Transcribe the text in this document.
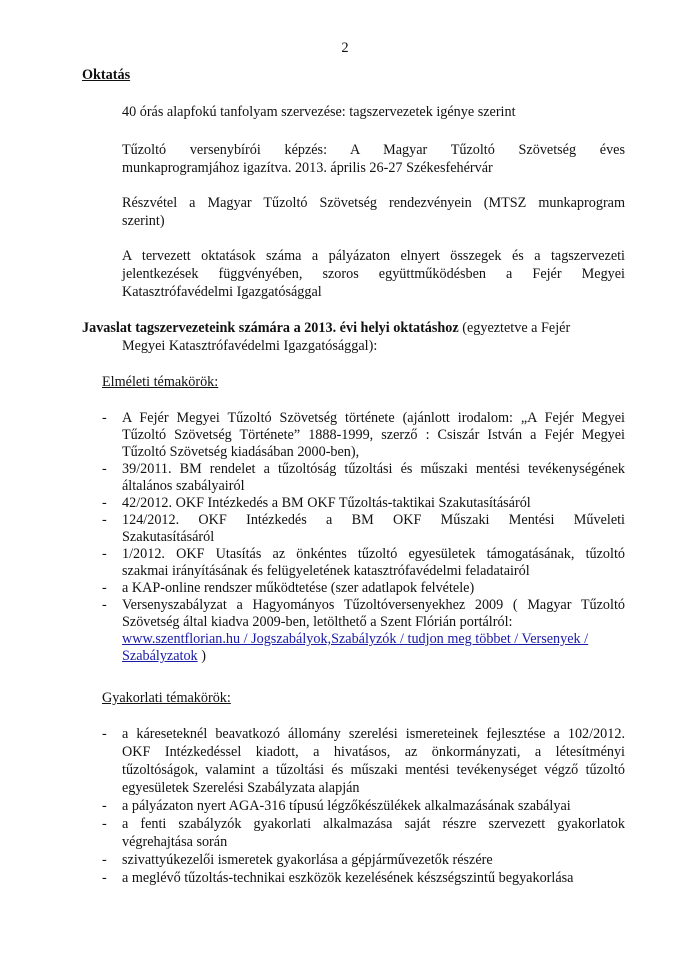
2
Oktatás
40 órás alapfokú tanfolyam szervezése: tagszervezetek igénye szerint
Tűzoltó versenybírói képzés: A Magyar Tűzoltó Szövetség éves
munkaprogramjához igazítva. 2013. április 26-27 Székesfehérvár
Részvétel a Magyar Tűzoltó Szövetség rendezvényein (MTSZ munkaprogram
szerint)
A tervezett oktatások száma a pályázaton elnyert összegek és a tagszervezeti
jelentkezések függvényében, szoros együttműködésben a Fejér Megyei
Katasztrófavédelmi Igazgatósággal
Javaslat tagszervezeteink számára a 2013. évi helyi oktatáshoz (egyeztetve a Fejér
Megyei Katasztrófavédelmi Igazgatósággal):
Elméleti témakörök:
- A Fejér Megyei Tűzoltó Szövetség története (ajánlott irodalom: „A Fejér Megyei
Tűzoltó Szövetség Története” 1888-1999, szerző : Csiszár István a Fejér Megyei
Tűzoltó Szövetség kiadásában 2000-ben),
- 39/2011. BM rendelet a tűzoltóság tűzoltási és műszaki mentési tevékenységének
általános szabályairól
- 42/2012. OKF Intézkedés a BM OKF Tűzoltás-taktikai Szakutasításáról
- 124/2012. OKF Intézkedés a BM OKF Műszaki Mentési Műveleti
Szakutasításáról
- 1/2012. OKF Utasítás az önkéntes tűzoltó egyesületek támogatásának, tűzoltó
szakmai irányításának és felügyeletének katasztrófavédelmi feladatairól
- a KAP-online rendszer működtetése (szer adatlapok felvétele)
- Versenyszabályzat a Hagyományos Tűzoltóversenyekhez 2009 ( Magyar Tűzoltó
Szövetség által kiadva 2009-ben, letölthető a Szent Flórián portálról:
www.szentflorian.hu / Jogszabályok,Szabályzók / tudjon meg többet / Versenyek /
Szabályzatok )
Gyakorlati témakörök:
- a káreseteknél beavatkozó állomány szerelési ismereteinek fejlesztése a 102/2012.
OKF Intézkedéssel kiadott, a hivatásos, az önkormányzati, a létesítményi
tűzoltóságok, valamint a tűzoltási és műszaki mentési tevékenységet végző tűzoltó
egyesületek Szerelési Szabályzata alapján
- a pályázaton nyert AGA-316 típusú légzőkészülékek alkalmazásának szabályai
- a fenti szabályzók gyakorlati alkalmazása saját részre szervezett gyakorlatok
végrehajtása során
- szivattyúkezelői ismeretek gyakorlása a gépjárművezetők részére
- a meglévő tűzoltás-technikai eszközök kezelésének készségszintű begyakorlása
